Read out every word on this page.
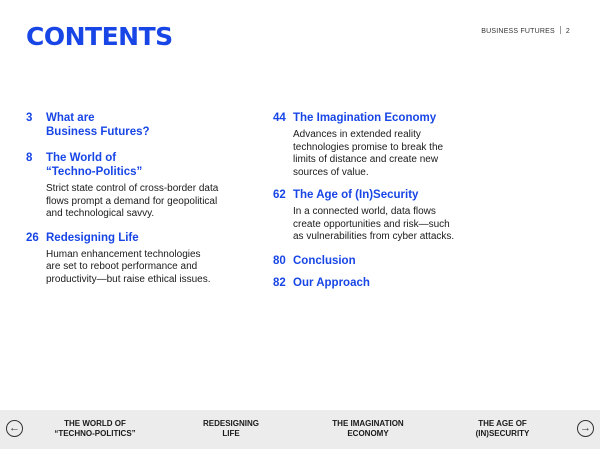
CONTENTS	BUSINESS FUTURES 2
3 What are
Business Futures?

8 The World of
“Techno-Politics”

Strict state control of cross-border data
flows prompt a demand for geopolitical
and technological savvy.

26 Redesigning Life

Human enhancement technologies
are set to reboot performance and
productivity—but raise ethical issues.

44 The Imagination Economy

Advances in extended reality
technologies promise to break the
limits of distance and create new
sources of value.

62 The Age of (In)Security

In a connected world, data flows
create opportunities and risk—such
as vulnerabilities from cyber attacks.

80 Conclusion

82 Our Approach

←	THE WORLD OF
“TECHNO-POLITICS”
REDESIGNING
LIFE
THE IMAGINATION
ECONOMY
THE AGE OF
(IN)SECURITY	→
